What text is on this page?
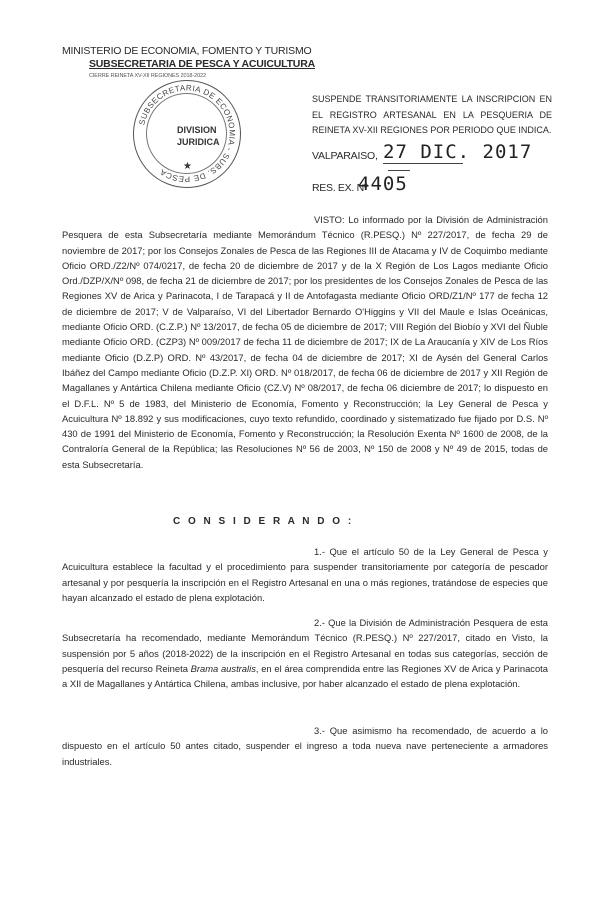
MINISTERIO DE ECONOMIA, FOMENTO Y TURISMO
SUBSECRETARIA DE PESCA Y ACUICULTURA
CIERRE REINETA XV-XII REGIONES 2018-2022
SUBSECRETARIA DE ECONOMIA - SUBS. DE PESCA
DIVISION
JURIDICA
★
SUSPENDE TRANSITORIAMENTE LA INSCRIPCION EN EL REGISTRO ARTESANAL EN LA PESQUERIA DE REINETA XV-XII REGIONES POR PERIODO QUE INDICA.
VALPARAISO, 27 DIC. 2017
RES. EX. Nº
4405
VISTO: Lo informado por la División de Administración Pesquera de esta Subsecretaría mediante Memorándum Técnico (R.PESQ.) Nº 227/2017, de fecha 29 de noviembre de 2017; por los Consejos Zonales de Pesca de las Regiones III de Atacama y IV de Coquimbo mediante Oficio ORD./Z2/Nº 074/0217, de fecha 20 de diciembre de 2017 y de la X Región de Los Lagos mediante Oficio Ord./DZP/X/Nº 098, de fecha 21 de diciembre de 2017; por los presidentes de los Consejos Zonales de Pesca de las Regiones XV de Arica y Parinacota, I de Tarapacá y II de Antofagasta mediante Oficio ORD/Z1/Nº 177 de fecha 12 de diciembre de 2017; V de Valparaíso, VI del Libertador Bernardo O'Higgins y VII del Maule e Islas Oceánicas, mediante Oficio ORD. (C.Z.P.) Nº 13/2017, de fecha 05 de diciembre de 2017; VIII Región del Biobío y XVI del Ñuble mediante Oficio ORD. (CZP3) Nº 009/2017 de fecha 11 de diciembre de 2017; IX de La Araucanía y XIV de Los Ríos mediante Oficio (D.Z.P) ORD. Nº 43/2017, de fecha 04 de diciembre de 2017; XI de Aysén del General Carlos Ibáñez del Campo mediante Oficio (D.Z.P. XI) ORD. Nº 018/2017, de fecha 06 de diciembre de 2017 y XII Región de Magallanes y Antártica Chilena mediante Oficio (CZ.V) Nº 08/2017, de fecha 06 diciembre de 2017; lo dispuesto en el D.F.L. Nº 5 de 1983, del Ministerio de Economía, Fomento y Reconstrucción; la Ley General de Pesca y Acuicultura Nº 18.892 y sus modificaciones, cuyo texto refundido, coordinado y sistematizado fue fijado por D.S. Nº 430 de 1991 del Ministerio de Economía, Fomento y Reconstrucción; la Resolución Exenta Nº 1600 de 2008, de la Contraloría General de la República; las Resoluciones Nº 56 de 2003, Nº 150 de 2008 y Nº 49 de 2015, todas de esta Subsecretaría.
C O N S I D E R A N D O :
1.- Que el artículo 50 de la Ley General de Pesca y Acuicultura establece la facultad y el procedimiento para suspender transitoriamente por categoría de pescador artesanal y por pesquería la inscripción en el Registro Artesanal en una o más regiones, tratándose de especies que hayan alcanzado el estado de plena explotación.
2.- Que la División de Administración Pesquera de esta Subsecretaría ha recomendado, mediante Memorándum Técnico (R.PESQ.) Nº 227/2017, citado en Visto, la suspensión por 5 años (2018-2022) de la inscripción en el Registro Artesanal en todas sus categorías, sección de pesquería del recurso Reineta Brama australis, en el área comprendida entre las Regiones XV de Arica y Parinacota a XII de Magallanes y Antártica Chilena, ambas inclusive, por haber alcanzado el estado de plena explotación.
3.- Que asimismo ha recomendado, de acuerdo a lo dispuesto en el artículo 50 antes citado, suspender el ingreso a toda nueva nave perteneciente a armadores industriales.
